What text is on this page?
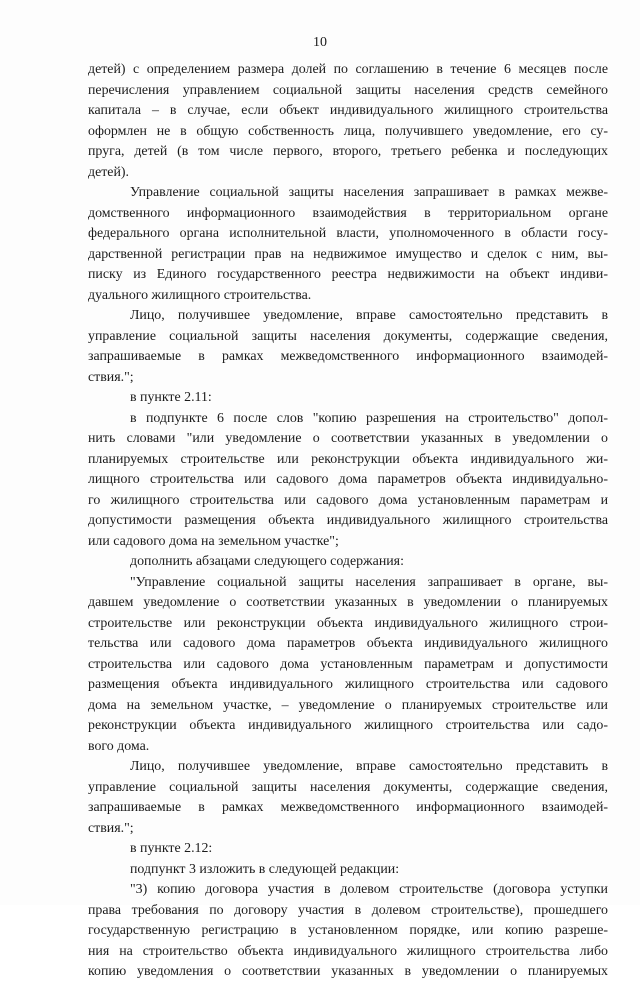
10
детей) с определением размера долей по соглашению в течение 6 месяцев после
перечисления управлением социальной защиты населения средств семейного
капитала – в случае, если объект индивидуального жилищного строительства
оформлен не в общую собственность лица, получившего уведомление, его су-
пруга, детей (в том числе первого, второго, третьего ребенка и последующих
детей).
Управление социальной защиты населения запрашивает в рамках межве-
домственного информационного взаимодействия в территориальном органе
федерального органа исполнительной власти, уполномоченного в области госу-
дарственной регистрации прав на недвижимое имущество и сделок с ним, вы-
писку из Единого государственного реестра недвижимости на объект индиви-
дуального жилищного строительства.
Лицо, получившее уведомление, вправе самостоятельно представить в
управление социальной защиты населения документы, содержащие сведения,
запрашиваемые в рамках межведомственного информационного взаимодей-
ствия.";
в пункте 2.11:
в подпункте 6 после слов "копию разрешения на строительство" допол-
нить словами "или уведомление о соответствии указанных в уведомлении о
планируемых строительстве или реконструкции объекта индивидуального жи-
лищного строительства или садового дома параметров объекта индивидуально-
го жилищного строительства или садового дома установленным параметрам и
допустимости размещения объекта индивидуального жилищного строительства
или садового дома на земельном участке";
дополнить абзацами следующего содержания:
"Управление социальной защиты населения запрашивает в органе, вы-
давшем уведомление о соответствии указанных в уведомлении о планируемых
строительстве или реконструкции объекта индивидуального жилищного строи-
тельства или садового дома параметров объекта индивидуального жилищного
строительства или садового дома установленным параметрам и допустимости
размещения объекта индивидуального жилищного строительства или садового
дома на земельном участке, – уведомление о планируемых строительстве или
реконструкции объекта индивидуального жилищного строительства или садо-
вого дома.
Лицо, получившее уведомление, вправе самостоятельно представить в
управление социальной защиты населения документы, содержащие сведения,
запрашиваемые в рамках межведомственного информационного взаимодей-
ствия.";
в пункте 2.12:
подпункт 3 изложить в следующей редакции:
"3) копию договора участия в долевом строительстве (договора уступки
права требования по договору участия в долевом строительстве), прошедшего
государственную регистрацию в установленном порядке, или копию разреше-
ния на строительство объекта индивидуального жилищного строительства либо
копию уведомления о соответствии указанных в уведомлении о планируемых
